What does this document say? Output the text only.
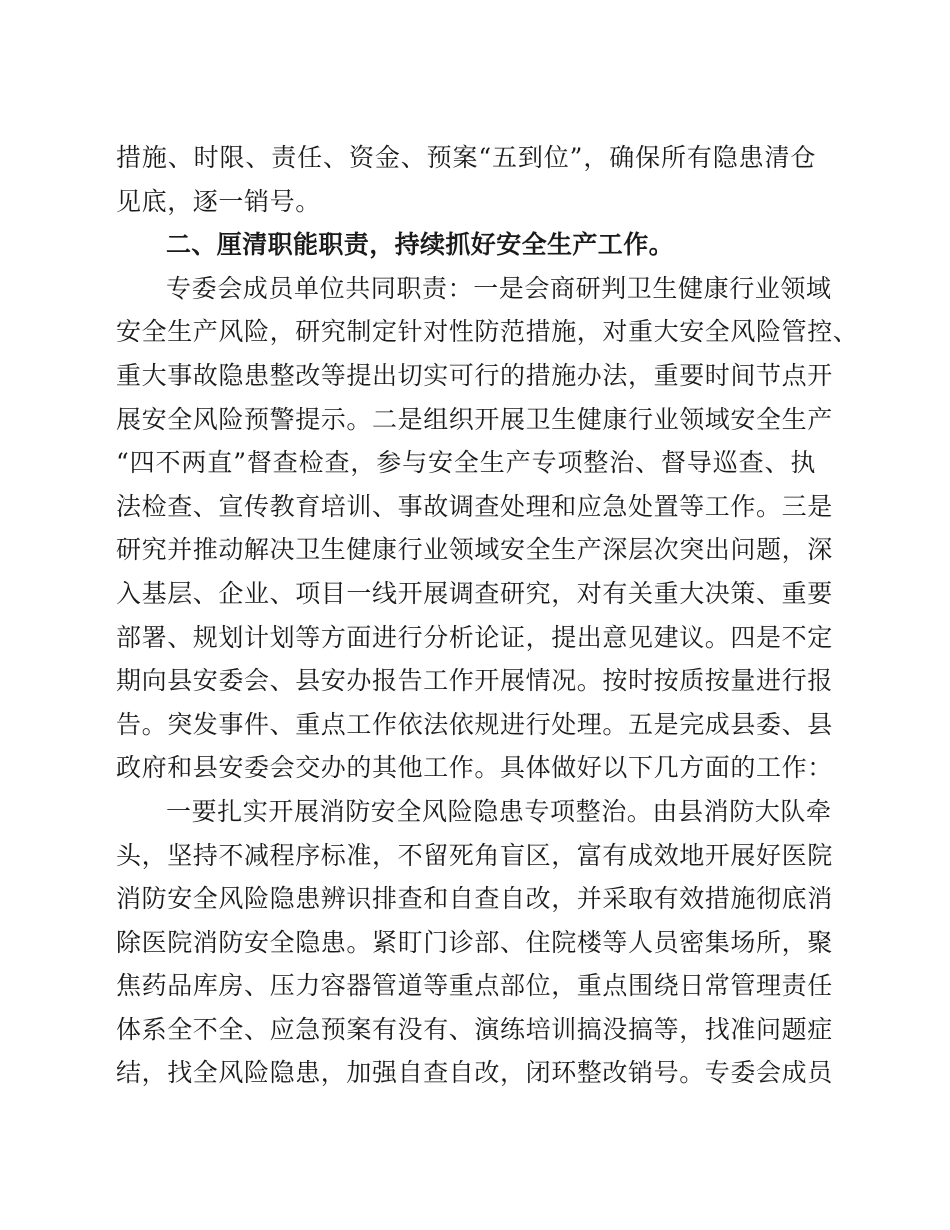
措施、时限、责任、资金、预案“五到位”，确保所有隐患清仓
见底，逐一销号。

二、厘清职能职责，持续抓好安全生产工作。

专委会成员单位共同职责：一是会商研判卫生健康行业领域
安全生产风险，研究制定针对性防范措施，对重大安全风险管控、
重大事故隐患整改等提出切实可行的措施办法，重要时间节点开
展安全风险预警提示。二是组织开展卫生健康行业领域安全生产
“四不两直”督查检查，参与安全生产专项整治、督导巡查、执
法检查、宣传教育培训、事故调查处理和应急处置等工作。三是
研究并推动解决卫生健康行业领域安全生产深层次突出问题，深
入基层、企业、项目一线开展调查研究，对有关重大决策、重要
部署、规划计划等方面进行分析论证，提出意见建议。四是不定
期向县安委会、县安办报告工作开展情况。按时按质按量进行报
告。突发事件、重点工作依法依规进行处理。五是完成县委、县
政府和县安委会交办的其他工作。具体做好以下几方面的工作：

一要扎实开展消防安全风险隐患专项整治。由县消防大队牵
头，坚持不减程序标准，不留死角盲区，富有成效地开展好医院
消防安全风险隐患辨识排查和自查自改，并采取有效措施彻底消
除医院消防安全隐患。紧盯门诊部、住院楼等人员密集场所，聚
焦药品库房、压力容器管道等重点部位，重点围绕日常管理责任
体系全不全、应急预案有没有、演练培训搞没搞等，找准问题症
结，找全风险隐患，加强自查自改，闭环整改销号。专委会成员
